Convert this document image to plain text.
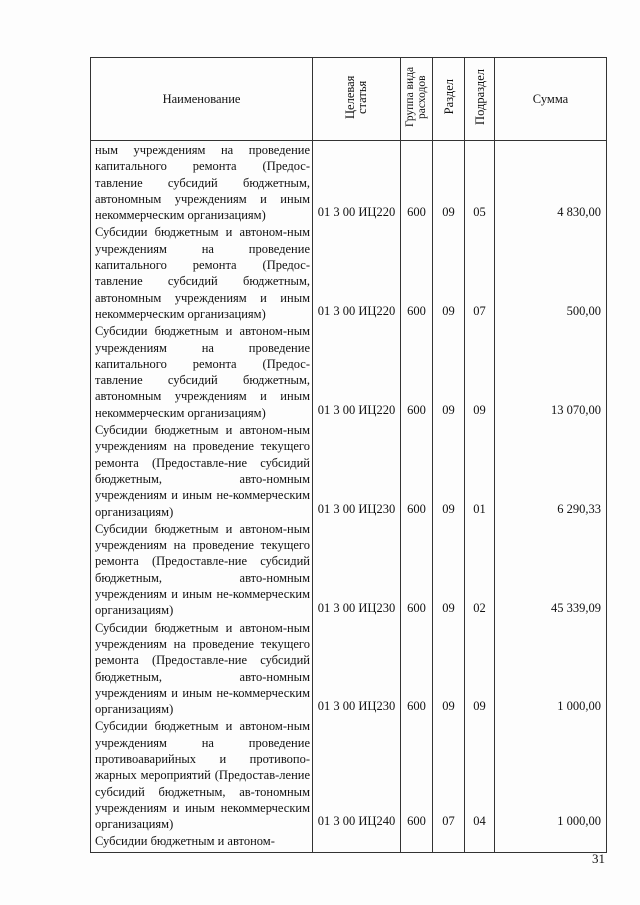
Наименование	Целевая статья	Группа вида расходов	Раздел	Подраздел	Сумма
ным учреждениям на проведение капитального ремонта (Предос-тавление субсидий бюджетным, автономным учреждениям и иным некоммерческим организациям)	01 3 00 ИЦ220	600	09	05	4 830,00
Субсидии бюджетным и автоном-ным учреждениям на проведение капитального ремонта (Предос-тавление субсидий бюджетным, автономным учреждениям и иным некоммерческим организациям)	01 3 00 ИЦ220	600	09	07	500,00
Субсидии бюджетным и автоном-ным учреждениям на проведение капитального ремонта (Предос-тавление субсидий бюджетным, автономным учреждениям и иным некоммерческим организациям)	01 3 00 ИЦ220	600	09	09	13 070,00
Субсидии бюджетным и автоном-ным учреждениям на проведение текущего ремонта (Предоставле-ние субсидий бюджетным, авто-номным учреждениям и иным не-коммерческим организациям)	01 3 00 ИЦ230	600	09	01	6 290,33
Субсидии бюджетным и автоном-ным учреждениям на проведение текущего ремонта (Предоставле-ние субсидий бюджетным, авто-номным учреждениям и иным не-коммерческим организациям)	01 3 00 ИЦ230	600	09	02	45 339,09
Субсидии бюджетным и автоном-ным учреждениям на проведение текущего ремонта (Предоставле-ние субсидий бюджетным, авто-номным учреждениям и иным не-коммерческим организациям)	01 3 00 ИЦ230	600	09	09	1 000,00
Субсидии бюджетным и автоном-ным учреждениям на проведение противоаварийных и противопо-жарных мероприятий (Предостав-ление субсидий бюджетным, ав-тономным учреждениям и иным некоммерческим организациям)	01 3 00 ИЦ240	600	07	04	1 000,00
Субсидии бюджетным и автоном-					
31
